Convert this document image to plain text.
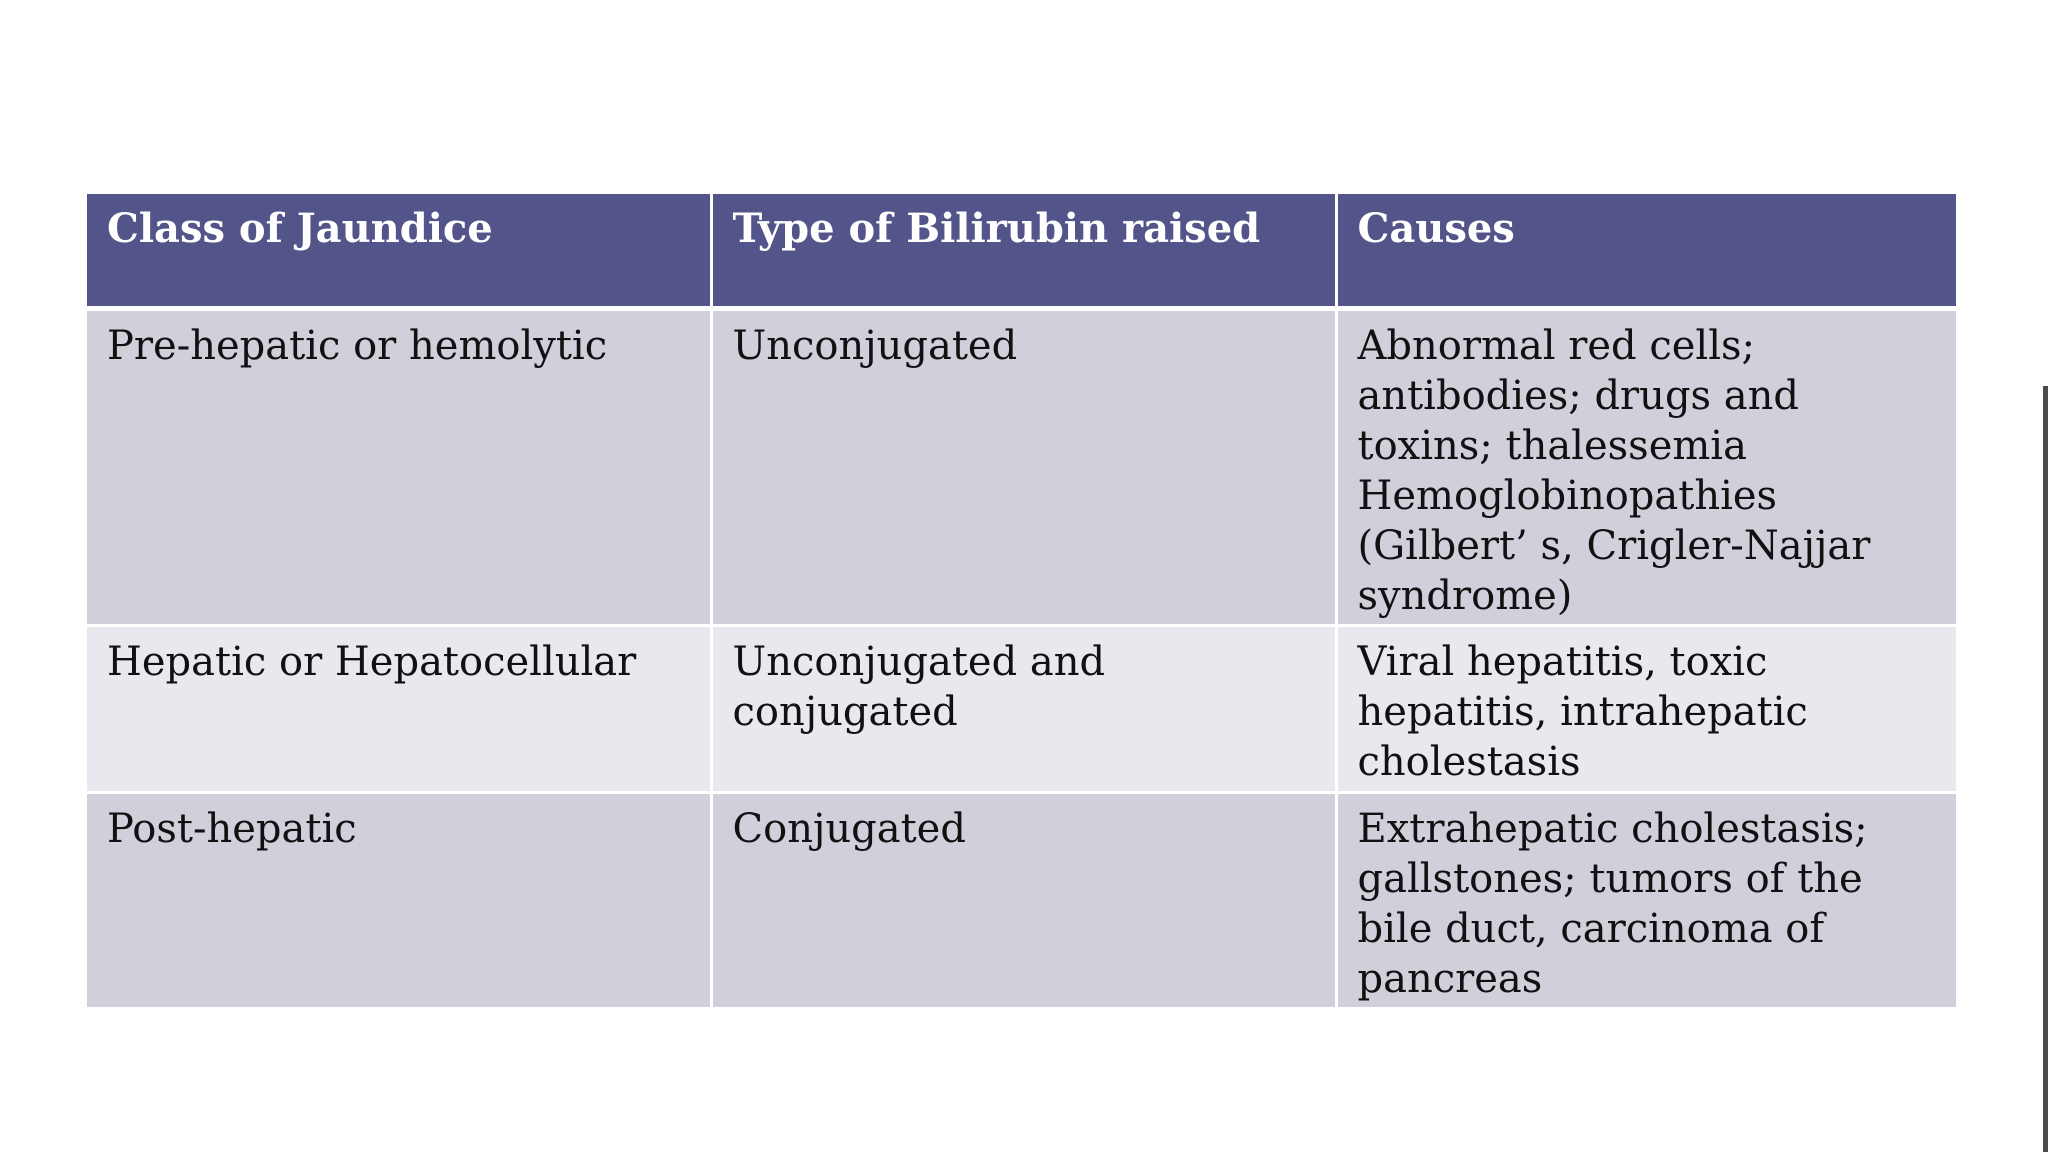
Class of Jaundice	Type of Bilirubin raised	Causes
Pre-hepatic or hemolytic	Unconjugated	Abnormal red cells; antibodies; drugs and toxins; thalessemia Hemoglobinopathies (Gilbert’ s, Crigler-Najjar syndrome)
Hepatic or Hepatocellular	Unconjugated and conjugated	Viral hepatitis, toxic hepatitis, intrahepatic cholestasis
Post-hepatic	Conjugated	Extrahepatic cholestasis; gallstones; tumors of the bile duct, carcinoma of pancreas
